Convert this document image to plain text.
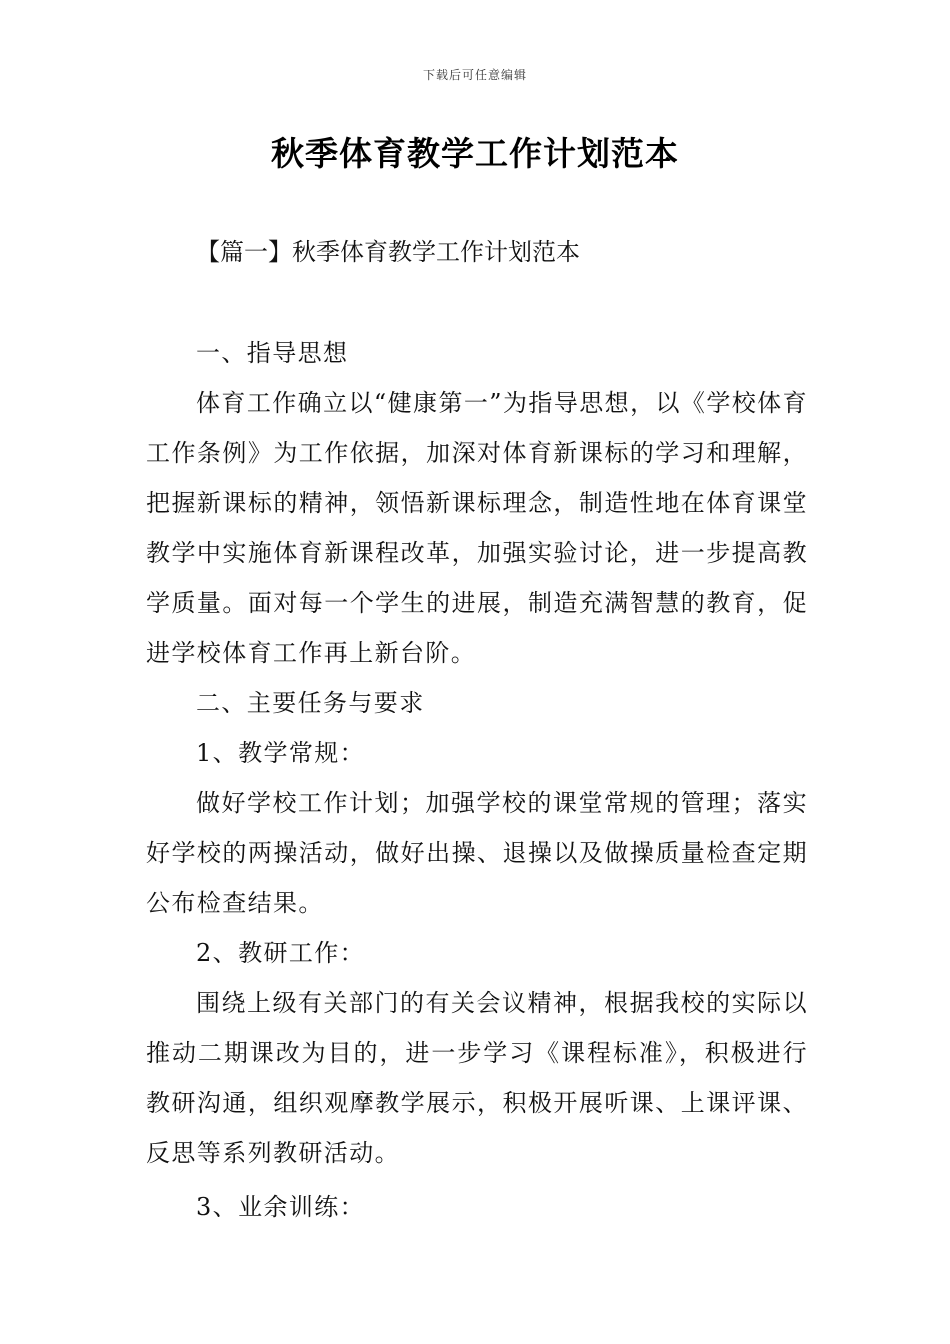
下载后可任意编辑
秋季体育教学工作计划范本
【篇一】秋季体育教学工作计划范本

一、指导思想

体育工作确立以“健康第一”为指导思想，以《学校体育工作条例》为工作依据，加深对体育新课标的学习和理解，把握新课标的精神，领悟新课标理念，制造性地在体育课堂教学中实施体育新课程改革，加强实验讨论，进一步提高教学质量。面对每一个学生的进展，制造充满智慧的教育，促进学校体育工作再上新台阶。

二、主要任务与要求

1、教学常规：

做好学校工作计划；加强学校的课堂常规的管理；落实好学校的两操活动，做好出操、退操以及做操质量检查定期公布检查结果。

2、教研工作：

围绕上级有关部门的有关会议精神，根据我校的实际以推动二期课改为目的，进一步学习《课程标准》，积极进行教研沟通，组织观摩教学展示，积极开展听课、上课评课、反思等系列教研活动。

3、业余训练：
